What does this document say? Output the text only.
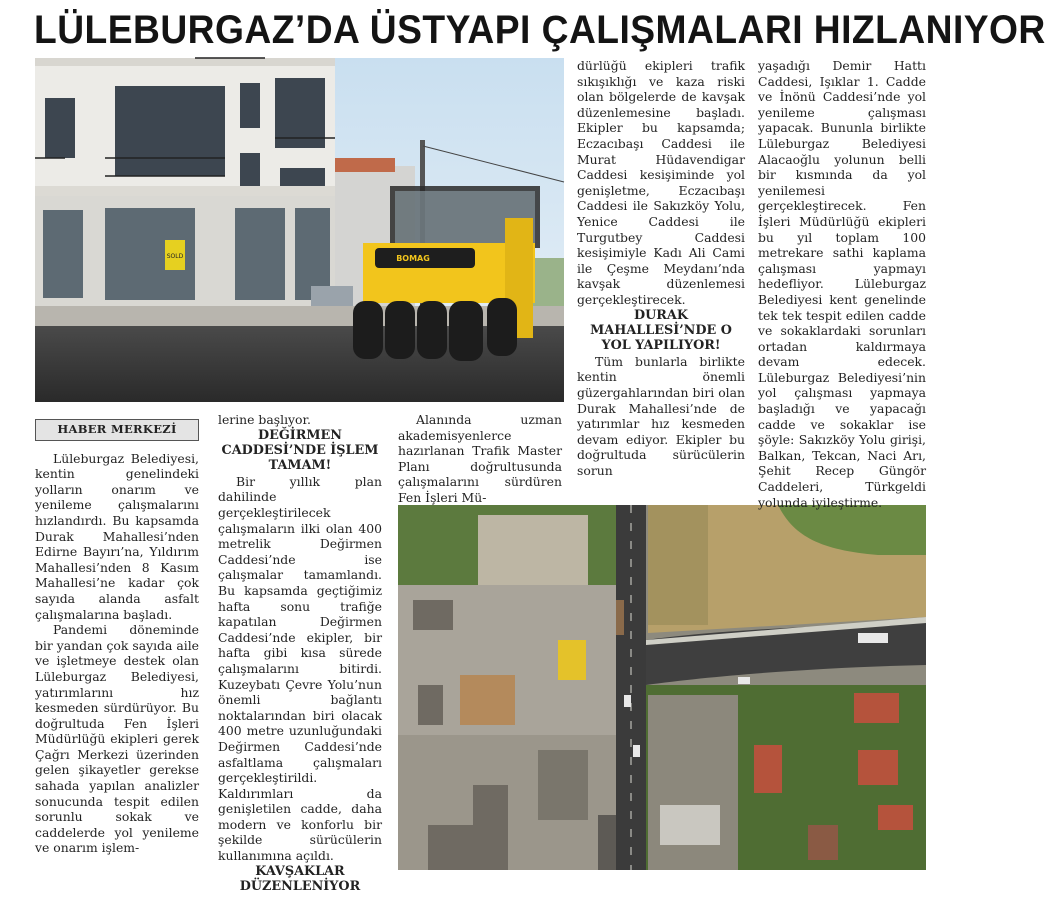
LÜLEBURGAZ’DA ÜSTYAPI ÇALIŞMALARI HIZLANIYOR
SOLD	BOMAG
HABER MERKEZİ

Lüleburgaz Belediyesi, kentin genelindeki yolların onarım ve yenileme çalışmalarını hızlandırdı. Bu kapsamda Durak Mahallesi’nden Edirne Bayırı’na, Yıldırım Mahallesi’nden 8 Kasım Mahallesi’ne kadar çok sayıda alanda asfalt çalışmalarına başladı.

Pandemi döneminde bir yandan çok sayıda aile ve işletmeye destek olan Lüleburgaz Belediyesi, yatırımlarını hız kesmeden sürdürüyor. Bu doğrultuda Fen İşleri Müdürlüğü ekipleri gerek Çağrı Merkezi üzerinden gelen şikayetler gerekse sahada yapılan analizler sonucunda tespit edilen sorunlu sokak ve caddelerde yol yenileme ve onarım işlem-

lerine başlıyor.

DEĞİRMEN CADDESİ’NDE İŞLEM TAMAM!

Bir yıllık plan dahilinde gerçekleştirilecek çalışmaların ilki olan 400 metrelik Değirmen Caddesi’nde ise çalışmalar tamamlandı. Bu kapsamda geçtiğimiz hafta sonu trafiğe kapatılan Değirmen Caddesi’nde ekipler, bir hafta gibi kısa sürede çalışmalarını bitirdi. Kuzeybatı Çevre Yolu’nun önemli bağlantı noktalarından biri olacak 400 metre uzunluğundaki Değirmen Caddesi’nde asfaltlama çalışmaları gerçekleştirildi. Kaldırımları da genişletilen cadde, daha modern ve konforlu bir şekilde sürücülerin kullanımına açıldı.

KAVŞAKLAR DÜZENLENİYOR

Alanında uzman akademisyenlerce hazırlanan Trafik Master Planı doğrultusunda çalışmalarını sürdüren Fen İşleri Mü-

dürlüğü ekipleri trafik sıkışıklığı ve kaza riski olan bölgelerde de kavşak düzenlemesine başladı. Ekipler bu kapsamda; Eczacıbaşı Caddesi ile Murat Hüdavendigar Caddesi kesişiminde yol genişletme, Eczacıbaşı Caddesi ile Sakızköy Yolu, Yenice Caddesi ile Turgutbey Caddesi kesişimiyle Kadı Ali Cami ile Çeşme Meydanı’nda kavşak düzenlemesi gerçekleştirecek.

DURAK MAHALLESİ’NDE O YOL YAPILIYOR!

Tüm bunlarla birlikte kentin önemli güzergahlarından biri olan Durak Mahallesi’nde de yatırımlar hız kesmeden devam ediyor. Ekipler bu doğrultuda sürücülerin sorun

yaşadığı Demir Hattı Caddesi, Işıklar 1. Cadde ve İnönü Caddesi’nde yol yenileme çalışması yapacak. Bununla birlikte Lüleburgaz Belediyesi Alacaoğlu yolunun belli bir kısmında da yol yenilemesi gerçekleştirecek. Fen İşleri Müdürlüğü ekipleri bu yıl toplam 100 metrekare sathi kaplama çalışması yapmayı hedefliyor. Lüleburgaz Belediyesi kent genelinde tek tek tespit edilen cadde ve sokaklardaki sorunları ortadan kaldırmaya devam edecek. Lüleburgaz Belediyesi’nin yol çalışması yapmaya başladığı ve yapacağı cadde ve sokaklar ise şöyle: Sakızköy Yolu girişi, Balkan, Tekcan, Naci Arı, Şehit Recep Güngör Caddeleri, Türkgeldi yolunda iyileştirme.
